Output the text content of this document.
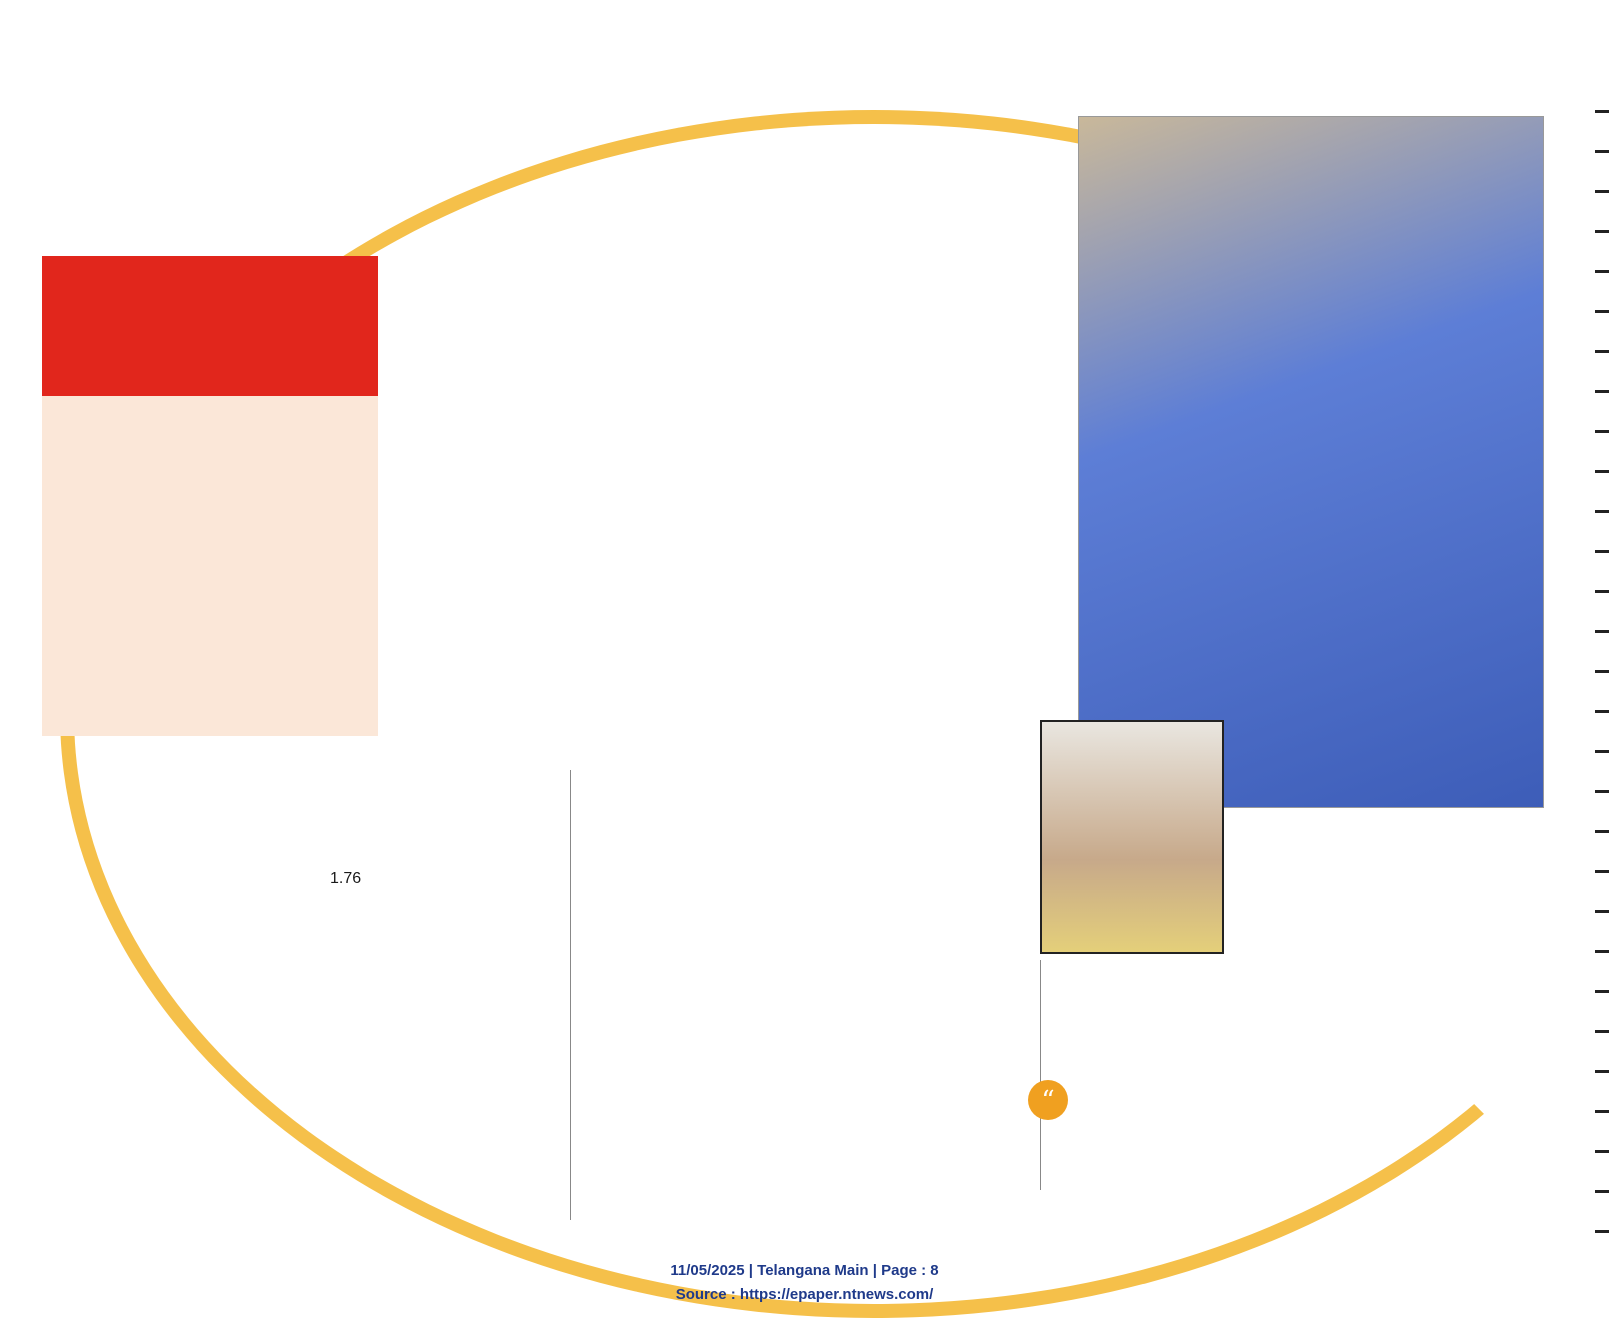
1.76
“
11/05/2025 | Telangana Main | Page : 8
Source : https://epaper.ntnews.com/
